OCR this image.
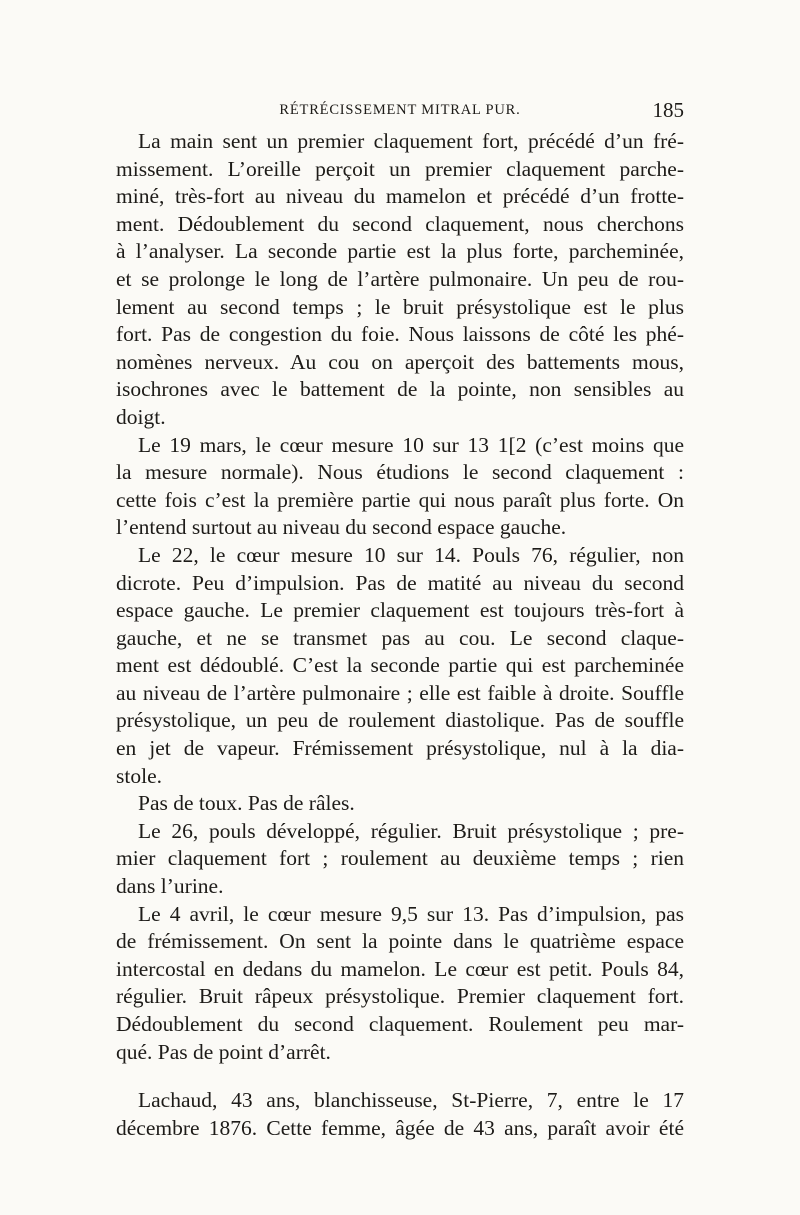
RÉTRÉCISSEMENT MITRAL PUR.	185

La main sent un premier claquement fort, précédé d’un fré-
missement. L’oreille perçoit un premier claquement parche-
miné, très-fort au niveau du mamelon et précédé d’un frotte-
ment. Dédoublement du second claquement, nous cherchons
à l’analyser. La seconde partie est la plus forte, parcheminée,
et se prolonge le long de l’artère pulmonaire. Un peu de rou-
lement au second temps ; le bruit présystolique est le plus
fort. Pas de congestion du foie. Nous laissons de côté les phé-
nomènes nerveux. Au cou on aperçoit des battements mous,
isochrones avec le battement de la pointe, non sensibles au
doigt.

Le 19 mars, le cœur mesure 10 sur 13 1[2 (c’est moins que
la mesure normale). Nous étudions le second claquement :
cette fois c’est la première partie qui nous paraît plus forte. On
l’entend surtout au niveau du second espace gauche.

Le 22, le cœur mesure 10 sur 14. Pouls 76, régulier, non
dicrote. Peu d’impulsion. Pas de matité au niveau du second
espace gauche. Le premier claquement est toujours très-fort à
gauche, et ne se transmet pas au cou. Le second claque-
ment est dédoublé. C’est la seconde partie qui est parcheminée
au niveau de l’artère pulmonaire ; elle est faible à droite. Souffle
présystolique, un peu de roulement diastolique. Pas de souffle
en jet de vapeur. Frémissement présystolique, nul à la dia-
stole.

Pas de toux. Pas de râles.

Le 26, pouls développé, régulier. Bruit présystolique ; pre-
mier claquement fort ; roulement au deuxième temps ; rien
dans l’urine.

Le 4 avril, le cœur mesure 9,5 sur 13. Pas d’impulsion, pas
de frémissement. On sent la pointe dans le quatrième espace
intercostal en dedans du mamelon. Le cœur est petit. Pouls 84,
régulier. Bruit râpeux présystolique. Premier claquement fort.
Dédoublement du second claquement. Roulement peu mar-
qué. Pas de point d’arrêt.

Lachaud, 43 ans, blanchisseuse, St-Pierre, 7, entre le 17
décembre 1876. Cette femme, âgée de 43 ans, paraît avoir été
